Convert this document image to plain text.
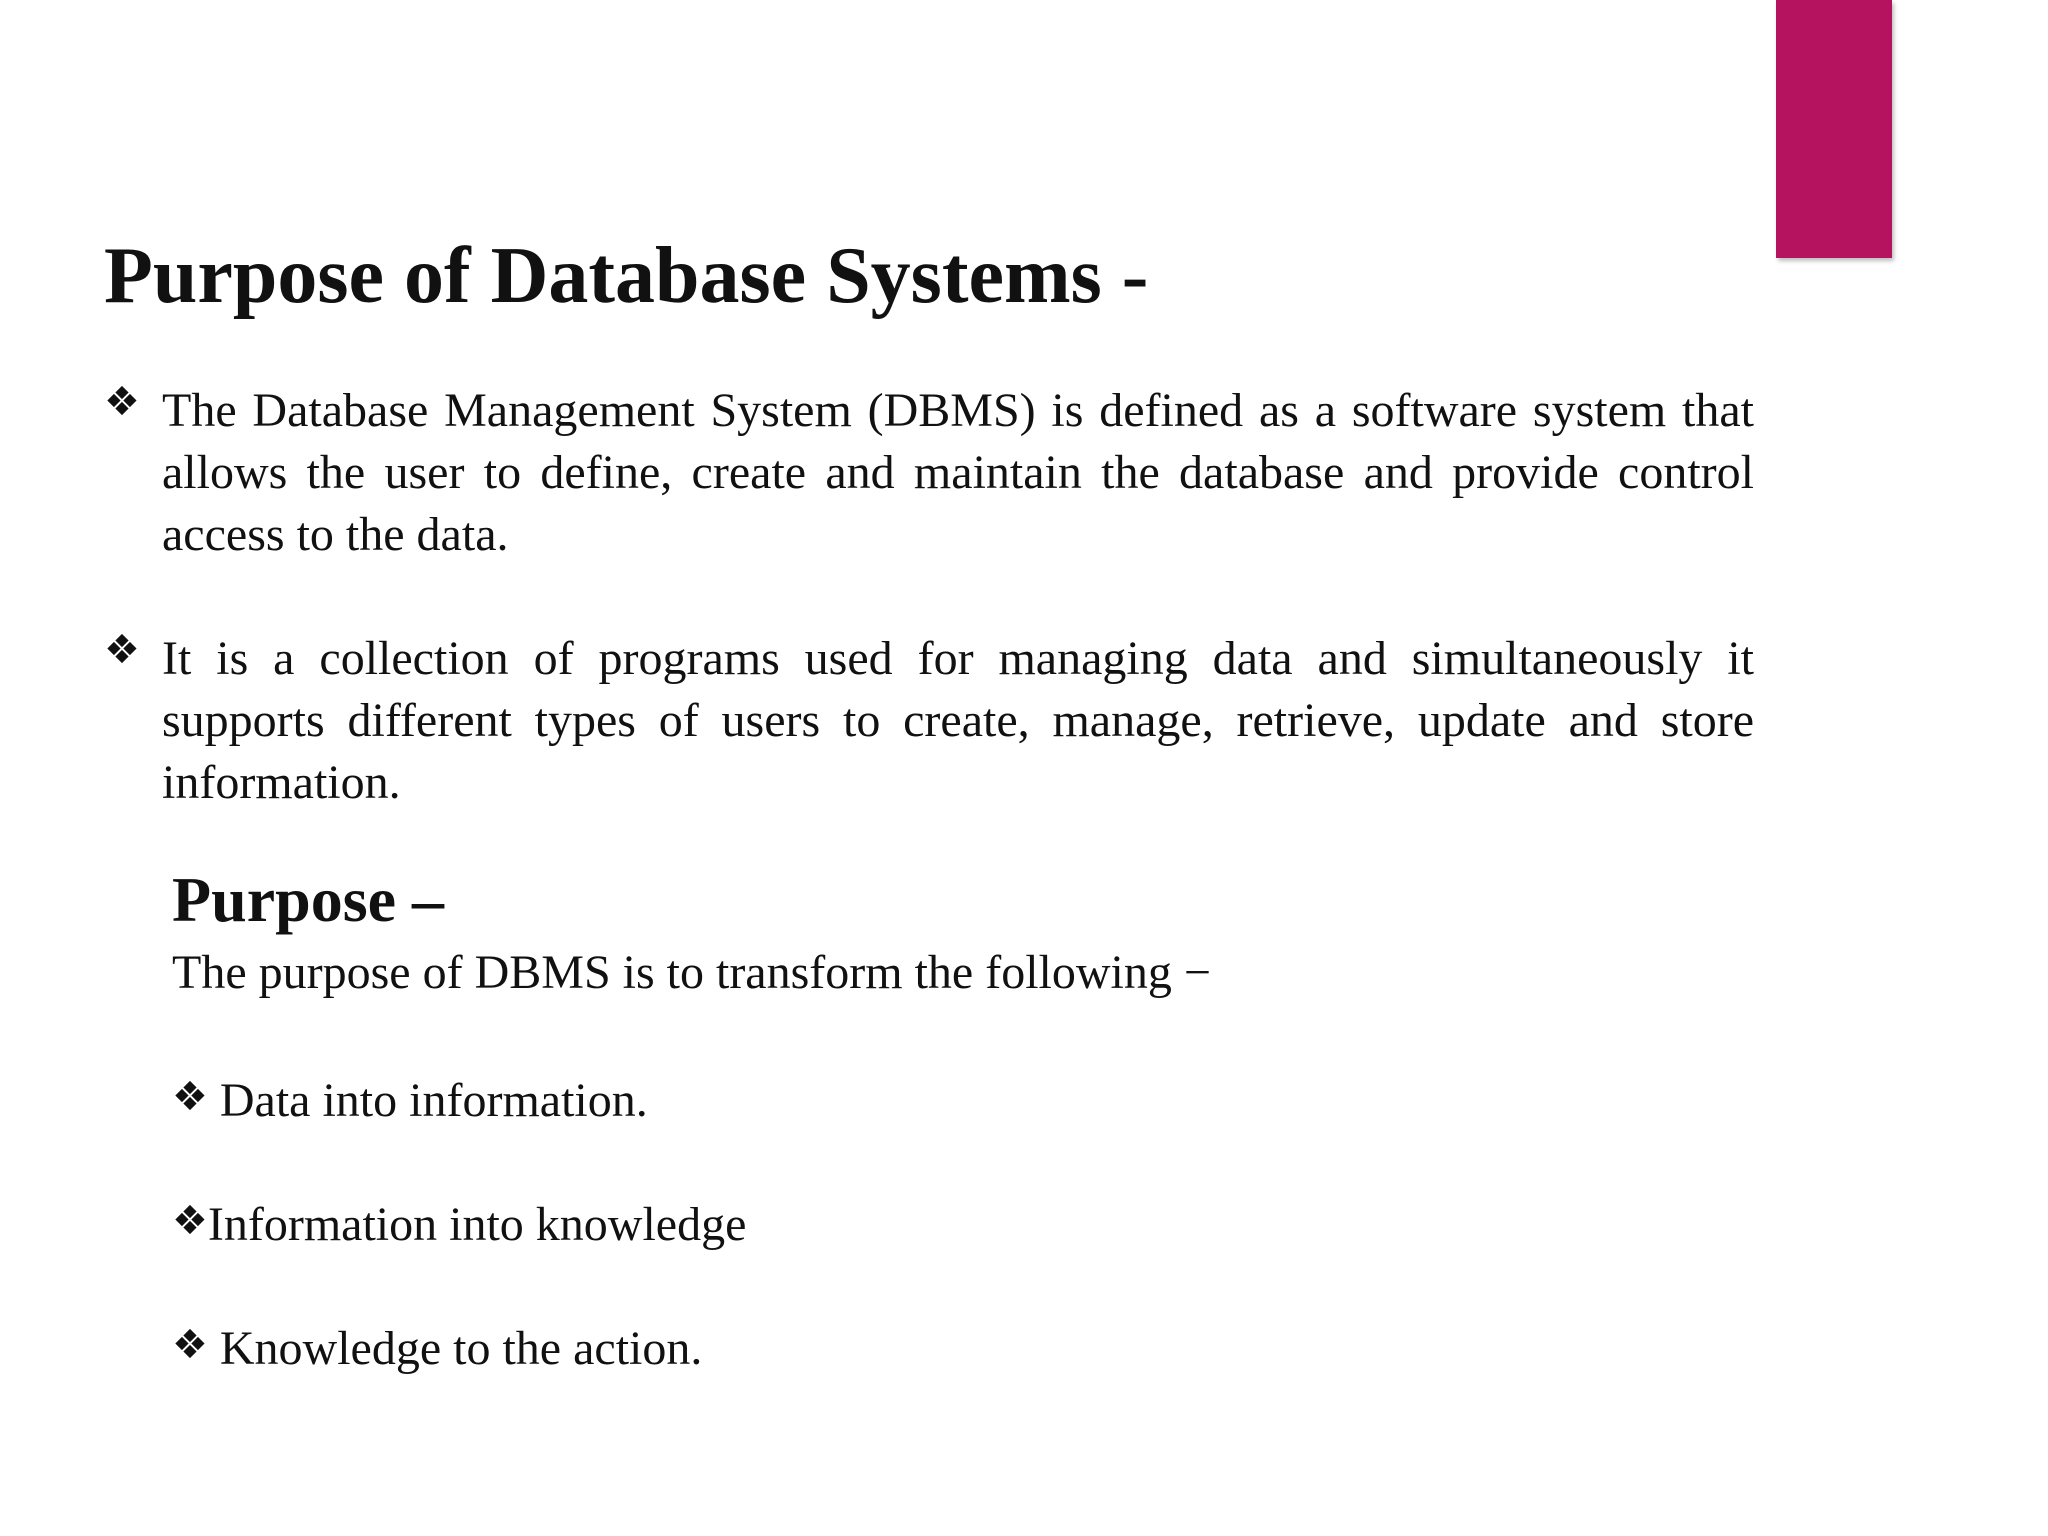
Purpose of Database Systems -
❖ The Database Management System (DBMS) is defined as a software system that allows the user to define, create and maintain the database and provide control access to the data.
❖ It is a collection of programs used for managing data and simultaneously it supports different types of users to create, manage, retrieve, update and store information.
Purpose –
The purpose of DBMS is to transform the following −
❖ Data into information.
❖Information into knowledge
❖ Knowledge to the action.
